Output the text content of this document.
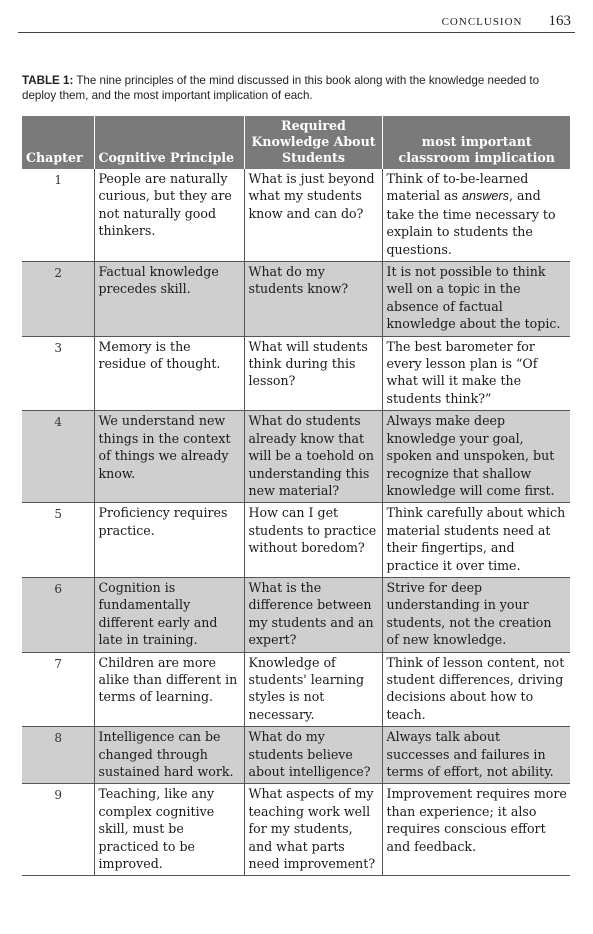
CONCLUSION 163
TABLE 1: The nine principles of the mind discussed in this book along with the knowledge needed to deploy them, and the most important implication of each.
Chapter	Cognitive Principle	Required Knowledge About Students	most important classroom implication
1	People are naturally curious, but they are not naturally good thinkers.	What is just beyond what my students know and can do?	Think of to-be-learned material as answers, and take the time necessary to explain to students the questions.
2	Factual knowledge precedes skill.	What do my students know?	It is not possible to think well on a topic in the absence of factual knowledge about the topic.
3	Memory is the residue of thought.	What will students think during this lesson?	The best barometer for every lesson plan is “Of what will it make the students think?”
4	We understand new things in the context of things we already know.	What do students already know that will be a toehold on understanding this new material?	Always make deep knowledge your goal, spoken and unspoken, but recognize that shallow knowledge will come first.
5	Proficiency requires practice.	How can I get students to practice without boredom?	Think carefully about which material students need at their fingertips, and practice it over time.
6	Cognition is fundamentally different early and late in training.	What is the difference between my students and an expert?	Strive for deep understanding in your students, not the creation of new knowledge.
7	Children are more alike than different in terms of learning.	Knowledge of students' learning styles is not necessary.	Think of lesson content, not student differences, driving decisions about how to teach.
8	Intelligence can be changed through sustained hard work.	What do my students believe about intelligence?	Always talk about successes and failures in terms of effort, not ability.
9	Teaching, like any complex cognitive skill, must be practiced to be improved.	What aspects of my teaching work well for my students, and what parts need improvement?	Improvement requires more than experience; it also requires conscious effort and feedback.
